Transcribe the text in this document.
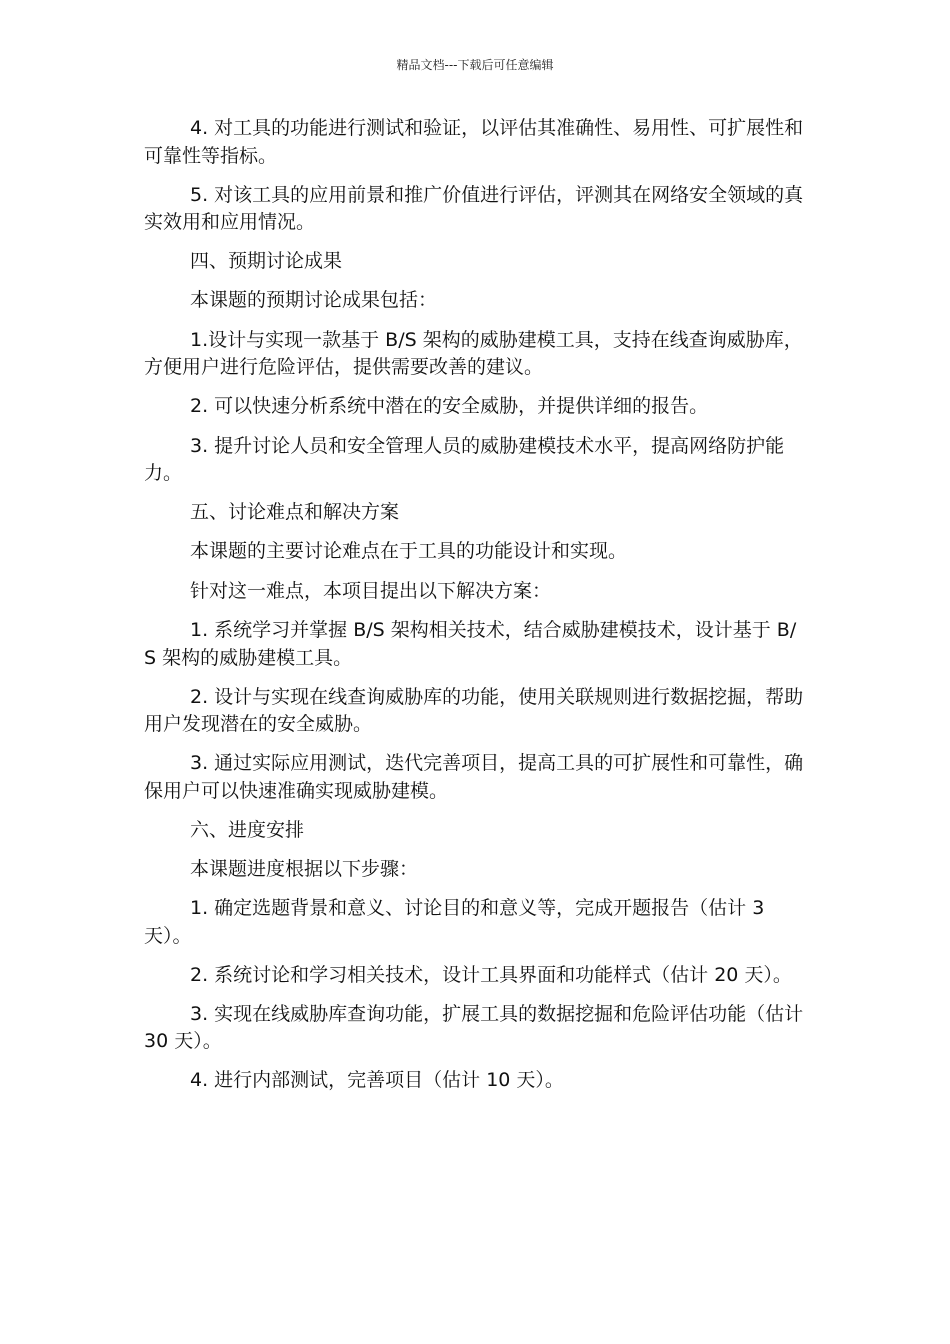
精品文档---下载后可任意编辑

4. 对工具的功能进行测试和验证，以评估其准确性、易用性、可扩展性和可靠性等指标。

5. 对该工具的应用前景和推广价值进行评估，评测其在网络安全领域的真实效用和应用情况。

四、预期讨论成果

本课题的预期讨论成果包括：

1.设计与实现一款基于 B/S 架构的威胁建模工具，支持在线查询威胁库，方便用户进行危险评估，提供需要改善的建议。

2. 可以快速分析系统中潜在的安全威胁，并提供详细的报告。

3. 提升讨论人员和安全管理人员的威胁建模技术水平，提高网络防护能力。

五、讨论难点和解决方案

本课题的主要讨论难点在于工具的功能设计和实现。

针对这一难点，本项目提出以下解决方案：

1. 系统学习并掌握 B/S 架构相关技术，结合威胁建模技术，设计基于 B/S 架构的威胁建模工具。

2. 设计与实现在线查询威胁库的功能，使用关联规则进行数据挖掘，帮助用户发现潜在的安全威胁。

3. 通过实际应用测试，迭代完善项目，提高工具的可扩展性和可靠性，确保用户可以快速准确实现威胁建模。

六、进度安排

本课题进度根据以下步骤：

1. 确定选题背景和意义、讨论目的和意义等，完成开题报告（估计 3 天）。

2. 系统讨论和学习相关技术，设计工具界面和功能样式（估计 20 天）。

3. 实现在线威胁库查询功能，扩展工具的数据挖掘和危险评估功能（估计 30 天）。

4. 进行内部测试，完善项目（估计 10 天）。
